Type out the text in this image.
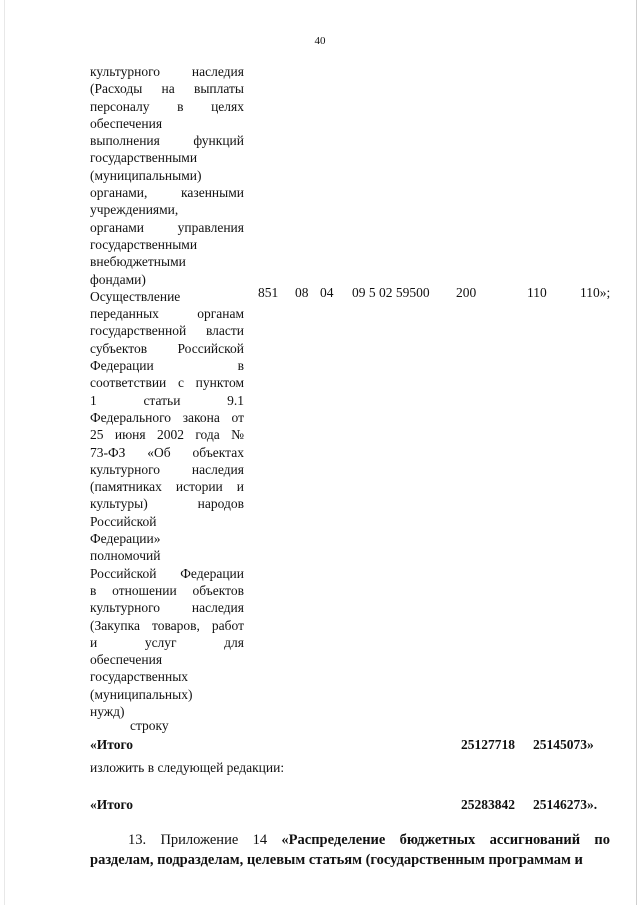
40
культурного наследия
(Расходы на выплаты
персоналу в целях
обеспечения
выполнения функций
государственными
(муниципальными)
органами, казенными
учреждениями,
органами управления
государственными
внебюджетными
фондами)
Осуществление
переданных органам
государственной власти
субъектов Российской
Федерации в
соответствии с пунктом
1 статьи 9.1
Федерального закона от
25 июня 2002 года №
73-ФЗ «Об объектах
культурного наследия
(памятниках истории и
культуры) народов
Российской
Федерации»
полномочий
Российской Федерации
в отношении объектов
культурного наследия
(Закупка товаров, работ
и услуг для
обеспечения
государственных
(муниципальных)
нужд)
851 08 04 09 5 02 59500 200	110 110»;
строку
«Итого	25127718 25145073»
изложить в следующей редакции:
«Итого	25283842 25146273».
13. Приложение 14 «Распределение бюджетных ассигнований по разделам, подразделам, целевым статьям (государственным программам и
